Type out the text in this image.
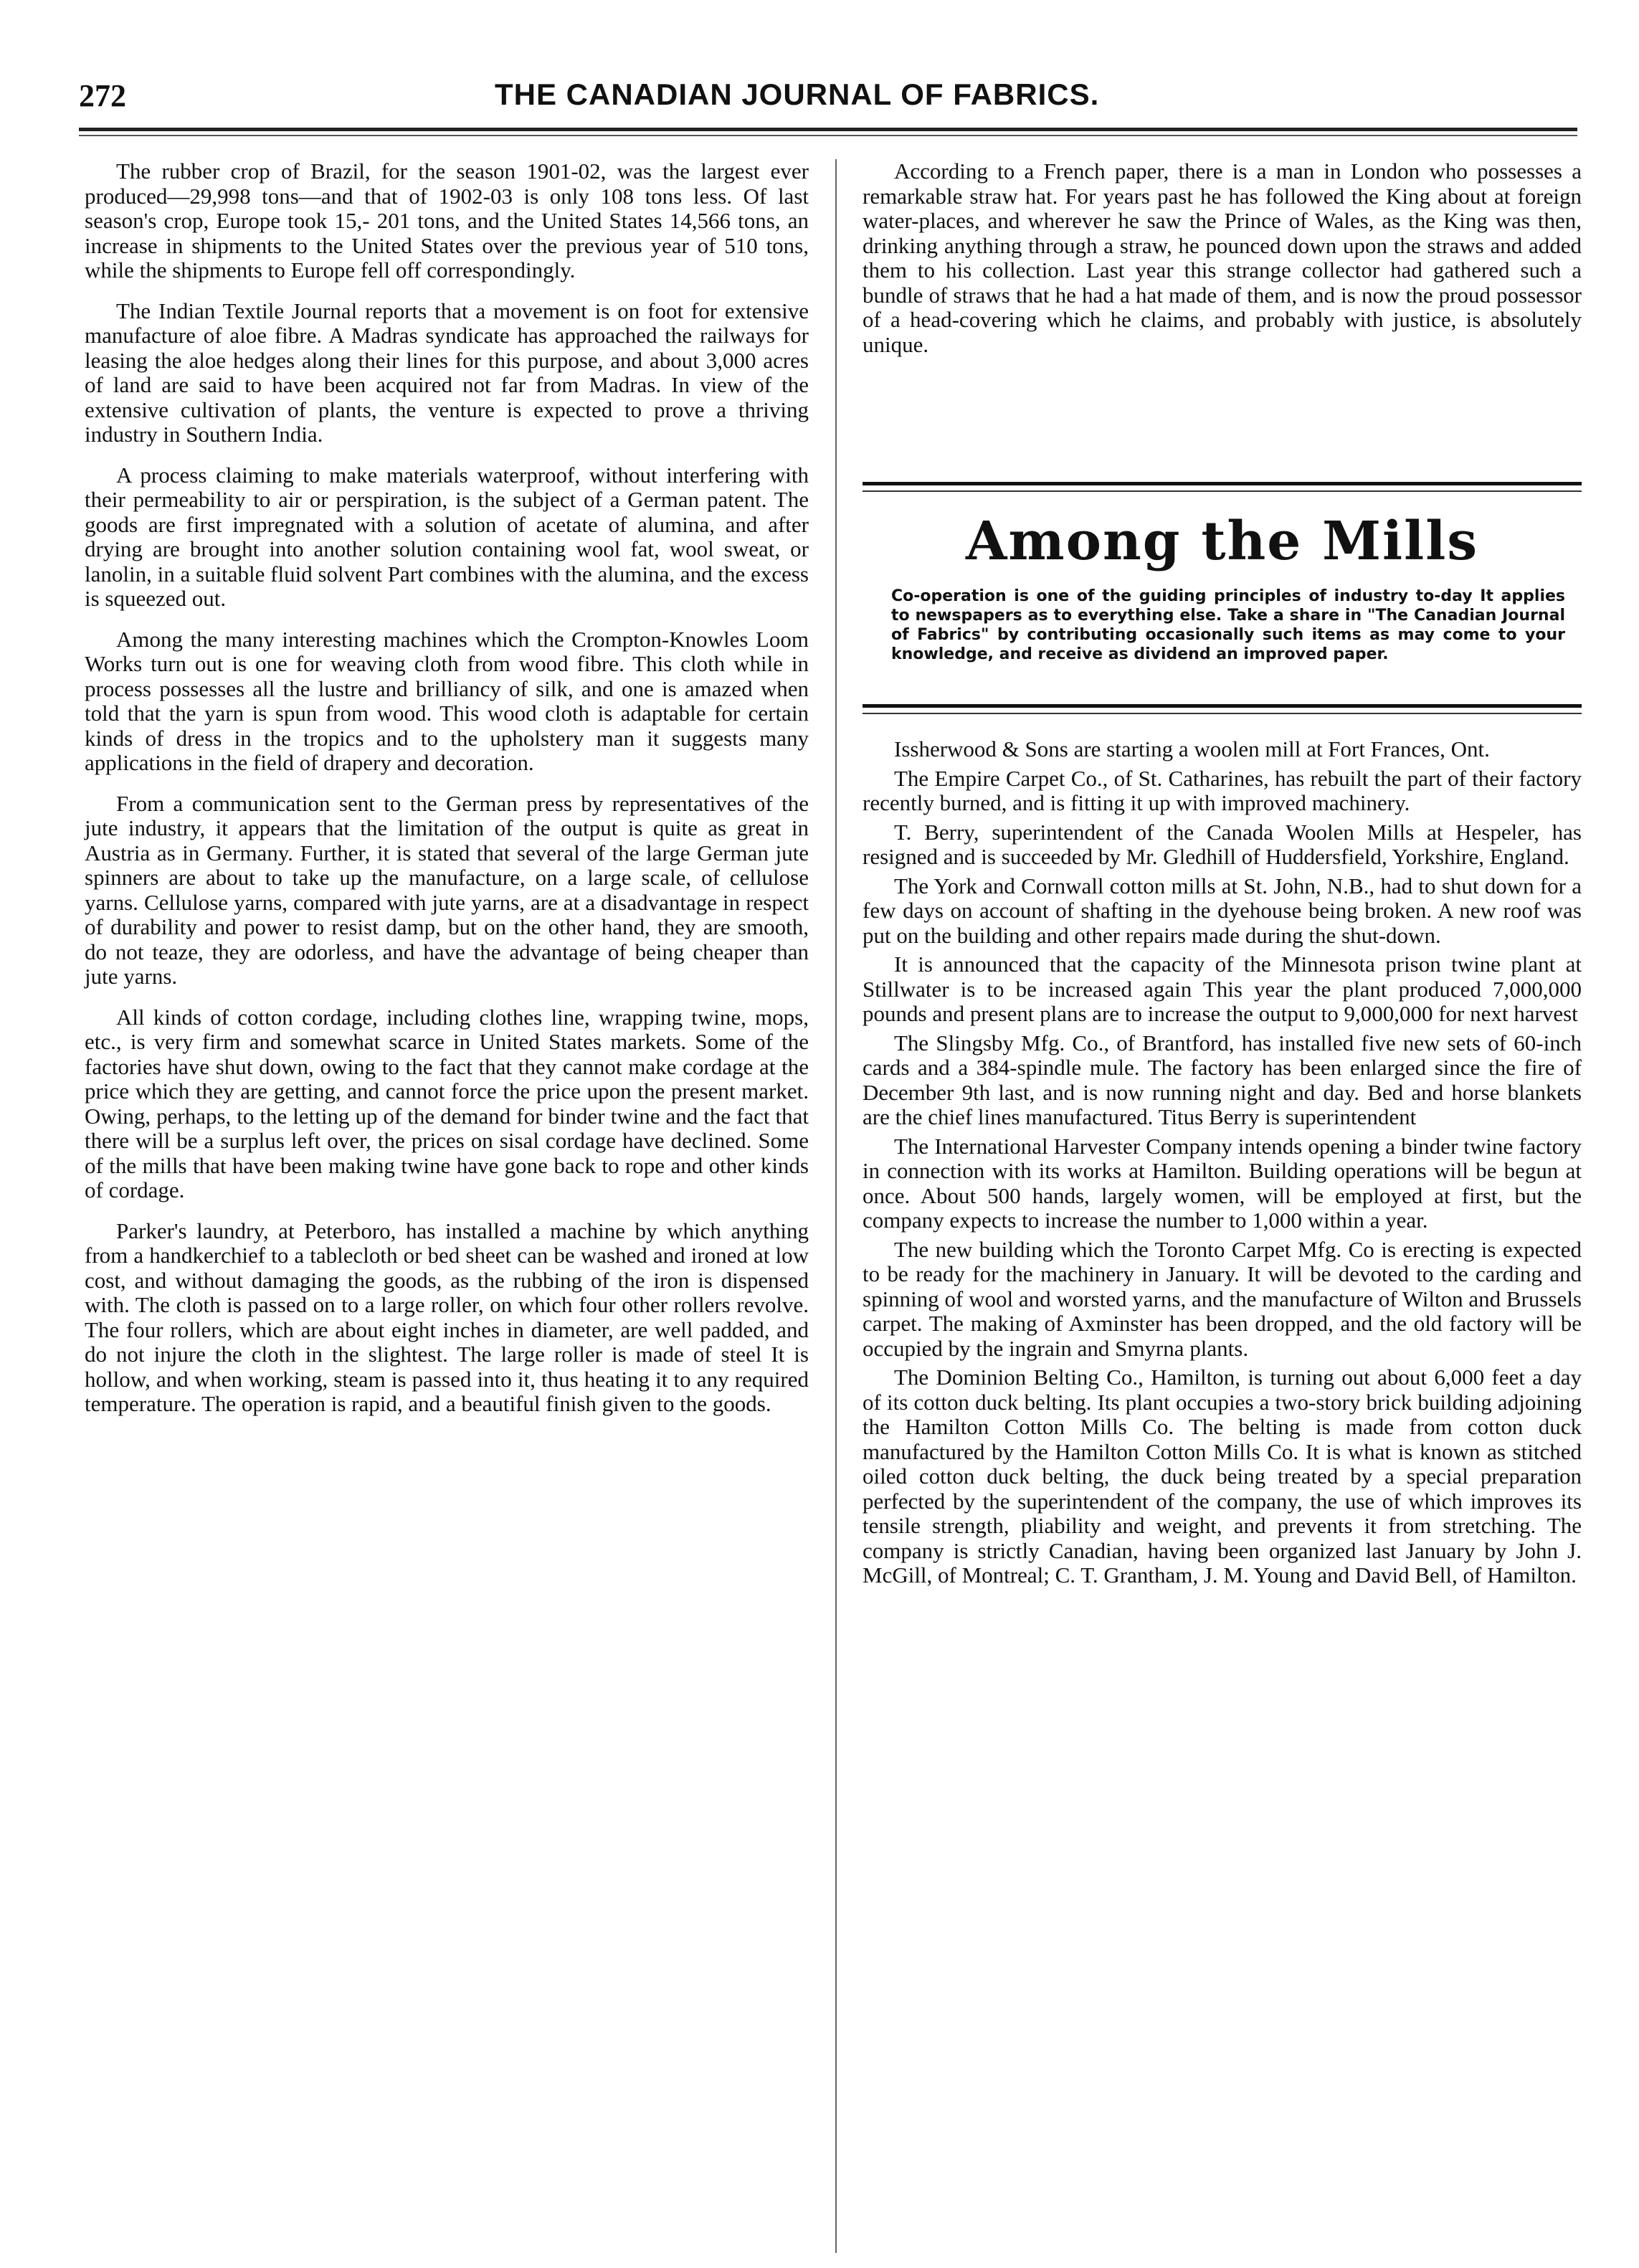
272	THE CANADIAN JOURNAL OF FABRICS.

The rubber crop of Brazil, for the season 1901-02, was the largest ever produced—29,998 tons—and that of 1902-03 is only 108 tons less. Of last season's crop, Europe took 15,- 201 tons, and the United States 14,566 tons, an increase in shipments to the United States over the previous year of 510 tons, while the shipments to Europe fell off correspondingly.

The Indian Textile Journal reports that a movement is on foot for extensive manufacture of aloe fibre. A Madras syndicate has approached the railways for leasing the aloe hedges along their lines for this purpose, and about 3,000 acres of land are said to have been acquired not far from Madras. In view of the extensive cultivation of plants, the venture is expected to prove a thriving industry in Southern India.

A process claiming to make materials waterproof, without interfering with their permeability to air or perspiration, is the subject of a German patent. The goods are first impregnated with a solution of acetate of alumina, and after drying are brought into another solution containing wool fat, wool sweat, or lanolin, in a suitable fluid solvent Part combines with the alumina, and the excess is squeezed out.

Among the many interesting machines which the Crompton-Knowles Loom Works turn out is one for weaving cloth from wood fibre. This cloth while in process possesses all the lustre and brilliancy of silk, and one is amazed when told that the yarn is spun from wood. This wood cloth is adaptable for certain kinds of dress in the tropics and to the upholstery man it suggests many applications in the field of drapery and decoration.

From a communication sent to the German press by representatives of the jute industry, it appears that the limitation of the output is quite as great in Austria as in Germany. Further, it is stated that several of the large German jute spinners are about to take up the manufacture, on a large scale, of cellulose yarns. Cellulose yarns, compared with jute yarns, are at a disadvantage in respect of durability and power to resist damp, but on the other hand, they are smooth, do not teaze, they are odorless, and have the advantage of being cheaper than jute yarns.

All kinds of cotton cordage, including clothes line, wrapping twine, mops, etc., is very firm and somewhat scarce in United States markets. Some of the factories have shut down, owing to the fact that they cannot make cordage at the price which they are getting, and cannot force the price upon the present market. Owing, perhaps, to the letting up of the demand for binder twine and the fact that there will be a surplus left over, the prices on sisal cordage have declined. Some of the mills that have been making twine have gone back to rope and other kinds of cordage.

Parker's laundry, at Peterboro, has installed a machine by which anything from a handkerchief to a tablecloth or bed sheet can be washed and ironed at low cost, and without damaging the goods, as the rubbing of the iron is dispensed with. The cloth is passed on to a large roller, on which four other rollers revolve. The four rollers, which are about eight inches in diameter, are well padded, and do not injure the cloth in the slightest. The large roller is made of steel It is hollow, and when working, steam is passed into it, thus heating it to any required temperature. The operation is rapid, and a beautiful finish given to the goods.

According to a French paper, there is a man in London who possesses a remarkable straw hat. For years past he has followed the King about at foreign water-places, and wherever he saw the Prince of Wales, as the King was then, drinking anything through a straw, he pounced down upon the straws and added them to his collection. Last year this strange collector had gathered such a bundle of straws that he had a hat made of them, and is now the proud possessor of a head-covering which he claims, and probably with justice, is absolutely unique.

Among the Mills
Co-operation is one of the guiding principles of industry to-day It applies to newspapers as to everything else. Take a share in "The Canadian Journal of Fabrics" by contributing occasionally such items as may come to your knowledge, and receive as dividend an improved paper.

Issherwood & Sons are starting a woolen mill at Fort Frances, Ont.

The Empire Carpet Co., of St. Catharines, has rebuilt the part of their factory recently burned, and is fitting it up with improved machinery.

T. Berry, superintendent of the Canada Woolen Mills at Hespeler, has resigned and is succeeded by Mr. Gledhill of Huddersfield, Yorkshire, England.

The York and Cornwall cotton mills at St. John, N.B., had to shut down for a few days on account of shafting in the dyehouse being broken. A new roof was put on the building and other repairs made during the shut-down.

It is announced that the capacity of the Minnesota prison twine plant at Stillwater is to be increased again This year the plant produced 7,000,000 pounds and present plans are to increase the output to 9,000,000 for next harvest

The Slingsby Mfg. Co., of Brantford, has installed five new sets of 60-inch cards and a 384-spindle mule. The factory has been enlarged since the fire of December 9th last, and is now running night and day. Bed and horse blankets are the chief lines manufactured. Titus Berry is superintendent

The International Harvester Company intends opening a binder twine factory in connection with its works at Hamilton. Building operations will be begun at once. About 500 hands, largely women, will be employed at first, but the company expects to increase the number to 1,000 within a year.

The new building which the Toronto Carpet Mfg. Co is erecting is expected to be ready for the machinery in January. It will be devoted to the carding and spinning of wool and worsted yarns, and the manufacture of Wilton and Brussels carpet. The making of Axminster has been dropped, and the old factory will be occupied by the ingrain and Smyrna plants.

The Dominion Belting Co., Hamilton, is turning out about 6,000 feet a day of its cotton duck belting. Its plant occupies a two-story brick building adjoining the Hamilton Cotton Mills Co. The belting is made from cotton duck manufactured by the Hamilton Cotton Mills Co. It is what is known as stitched oiled cotton duck belting, the duck being treated by a special preparation perfected by the superintendent of the company, the use of which improves its tensile strength, pliability and weight, and prevents it from stretching. The company is strictly Canadian, having been organized last January by John J. McGill, of Montreal; C. T. Grantham, J. M. Young and David Bell, of Hamilton.
